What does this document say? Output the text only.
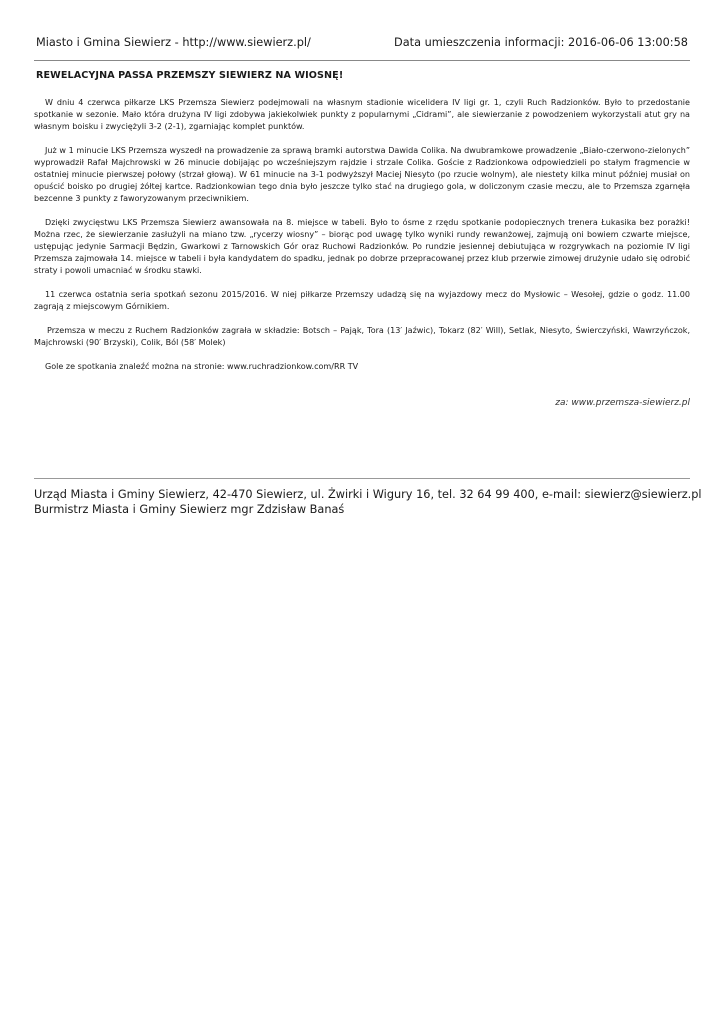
Miasto i Gmina Siewierz - http://www.siewierz.pl/	Data umieszczenia informacji: 2016-06-06 13:00:58
REWELACYJNA PASSA PRZEMSZY SIEWIERZ NA WIOSNĘ!

W dniu 4 czerwca piłkarze LKS Przemsza Siewierz podejmowali na własnym stadionie wicelidera IV ligi gr. 1, czyli Ruch Radzionków. Było to przedostanie spotkanie w sezonie. Mało która drużyna IV ligi zdobywa jakiekolwiek punkty z popularnymi „Cidrami”, ale siewierzanie z powodzeniem wykorzystali atut gry na własnym boisku i zwyciężyli 3-2 (2-1), zgarniając komplet punktów.

Już w 1 minucie LKS Przemsza wyszedł na prowadzenie za sprawą bramki autorstwa Dawida Colika. Na dwubramkowe prowadzenie „Biało-czerwono-zielonych” wyprowadził Rafał Majchrowski w 26 minucie dobijając po wcześniejszym rajdzie i strzale Colika. Goście z Radzionkowa odpowiedzieli po stałym fragmencie w ostatniej minucie pierwszej połowy (strzał głową). W 61 minucie na 3-1 podwyższył Maciej Niesyto (po rzucie wolnym), ale niestety kilka minut później musiał on opuścić boisko po drugiej żółtej kartce. Radzionkowian tego dnia było jeszcze tylko stać na drugiego gola, w doliczonym czasie meczu, ale to Przemsza zgarnęła bezcenne 3 punkty z faworyzowanym przeciwnikiem.

Dzięki zwycięstwu LKS Przemsza Siewierz awansowała na 8. miejsce w tabeli. Było to ósme z rzędu spotkanie podopiecznych trenera Łukasika bez porażki! Można rzec, że siewierzanie zasłużyli na miano tzw. „rycerzy wiosny” – biorąc pod uwagę tylko wyniki rundy rewanżowej, zajmują oni bowiem czwarte miejsce, ustępując jedynie Sarmacji Będzin, Gwarkowi z Tarnowskich Gór oraz Ruchowi Radzionków. Po rundzie jesiennej debiutująca w rozgrywkach na poziomie IV ligi Przemsza zajmowała 14. miejsce w tabeli i była kandydatem do spadku, jednak po dobrze przepracowanej przez klub przerwie zimowej drużynie udało się odrobić straty i powoli umacniać w środku stawki.

11 czerwca ostatnia seria spotkań sezonu 2015/2016. W niej piłkarze Przemszy udadzą się na wyjazdowy mecz do Mysłowic – Wesołej, gdzie o godz. 11.00 zagrają z miejscowym Górnikiem.

Przemsza w meczu z Ruchem Radzionków zagrała w składzie: Botsch – Pająk, Tora (13′ Jaźwic), Tokarz (82′ Will), Setlak, Niesyto, Świerczyński, Wawrzyńczok, Majchrowski (90′ Brzyski), Colik, Ból (58′ Molek)

Gole ze spotkania znaleźć można na stronie: www.ruchradzionkow.com/RR TV

za: www.przemsza-siewierz.pl
Urząd Miasta i Gminy Siewierz, 42-470 Siewierz, ul. Żwirki i Wigury 16, tel. 32 64 99 400, e-mail: siewierz@siewierz.pl
Burmistrz Miasta i Gminy Siewierz mgr Zdzisław Banaś
